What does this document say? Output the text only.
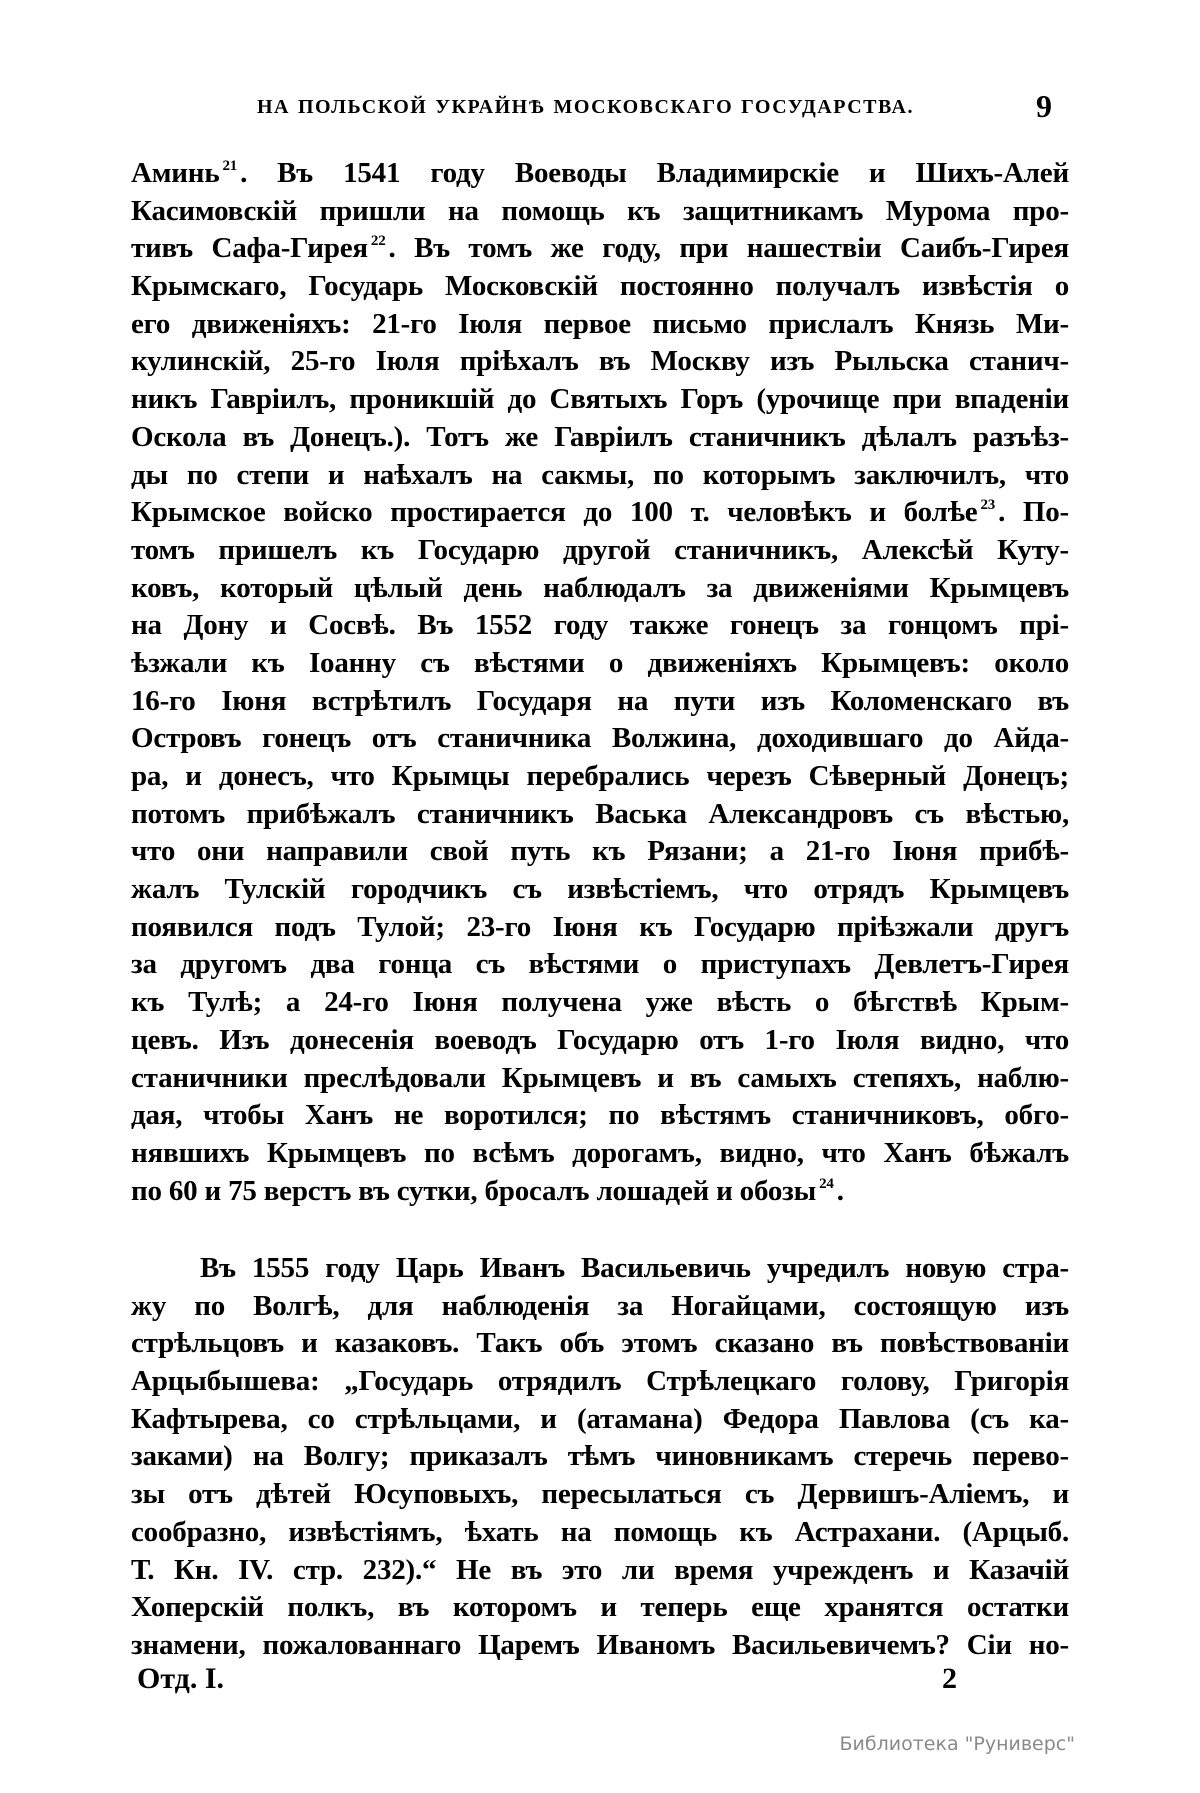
НА ПОЛЬСКОЙ УКРАЙНѢ МОСКОВСКАГО ГОСУДАРСТВА.	9
Аминь $^{21}$ . Въ 1541 году Воеводы Владимирскіе и Шихъ-Алей
Касимовскій пришли на помощь къ защитникамъ Мурома про-
тивъ Сафа-Гирея $^{22}$ . Въ томъ же году, при нашествіи Саибъ-Гирея
Крымскаго, Государь Московскій постоянно получалъ извѣстія о
его движеніяхъ: 21-го Іюля первое письмо прислалъ Князь Ми-
кулинскій, 25-го Іюля пріѣхалъ въ Москву изъ Рыльска станич-
никъ Гавріилъ, проникшій до Святыхъ Горъ (урочище при впаденіи
Оскола въ Донецъ.). Тотъ же Гавріилъ станичникъ дѣлалъ разъѣз-
ды по степи и наѣхалъ на сакмы, по которымъ заключилъ, что
Крымское войско простирается до 100 т. человѣкъ и болѣе $^{23}$ . По-
томъ пришелъ къ Государю другой станичникъ, Алексѣй Куту-
ковъ, который цѣлый день наблюдалъ за движеніями Крымцевъ
на Дону и Сосвѣ. Въ 1552 году также гонецъ за гонцомъ прі-
ѣзжали къ Іоанну съ вѣстями о движеніяхъ Крымцевъ: около
16-го Іюня встрѣтилъ Государя на пути изъ Коломенскаго въ
Островъ гонецъ отъ станичника Волжина, доходившаго до Айда-
ра, и донесъ, что Крымцы перебрались черезъ Сѣверный Донецъ;
потомъ прибѣжалъ станичникъ Васька Александровъ съ вѣстью,
что они направили свой путь къ Рязани; а 21-го Іюня прибѣ-
жалъ Тулскій городчикъ съ извѣстіемъ, что отрядъ Крымцевъ
появился подъ Тулой; 23-го Іюня къ Государю пріѣзжали другъ
за другомъ два гонца съ вѣстями о приступахъ Девлетъ-Гирея
къ Тулѣ; а 24-го Іюня получена уже вѣсть о бѣгствѣ Крым-
цевъ. Изъ донесенія воеводъ Государю отъ 1-го Іюля видно, что
станичники преслѣдовали Крымцевъ и въ самыхъ степяхъ, наблю-
дая, чтобы Ханъ не воротился; по вѣстямъ станичниковъ, обго-
нявшихъ Крымцевъ по всѣмъ дорогамъ, видно, что Ханъ бѣжалъ
по 60 и 75 верстъ въ сутки, бросалъ лошадей и обозы $^{24}$ .
Въ 1555 году Царь Иванъ Васильевичь учредилъ новую стра-
жу по Волгѣ, для наблюденія за Ногайцами, состоящую изъ
стрѣльцовъ и казаковъ. Такъ объ этомъ сказано въ повѣствованіи
Арцыбышева: „Государь отрядилъ Стрѣлецкаго голову, Григорія
Кафтырева, со стрѣльцами, и (атамана) Федора Павлова (съ ка-
заками) на Волгу; приказалъ тѣмъ чиновникамъ стеречь перево-
зы отъ дѣтей Юсуповыхъ, пересылаться съ Дервишъ-Аліемъ, и
сообразно, извѣстіямъ, ѣхать на помощь къ Астрахани. (Арцыб.
Т. Кн. IV. стр. 232).“ Не въ это ли время учрежденъ и Казачій
Хоперскій полкъ, въ которомъ и теперь еще хранятся остатки
знамени, пожалованнаго Царемъ Иваномъ Васильевичемъ? Сіи но-
Отд. I.	2
Библиотека "Руниверс"
